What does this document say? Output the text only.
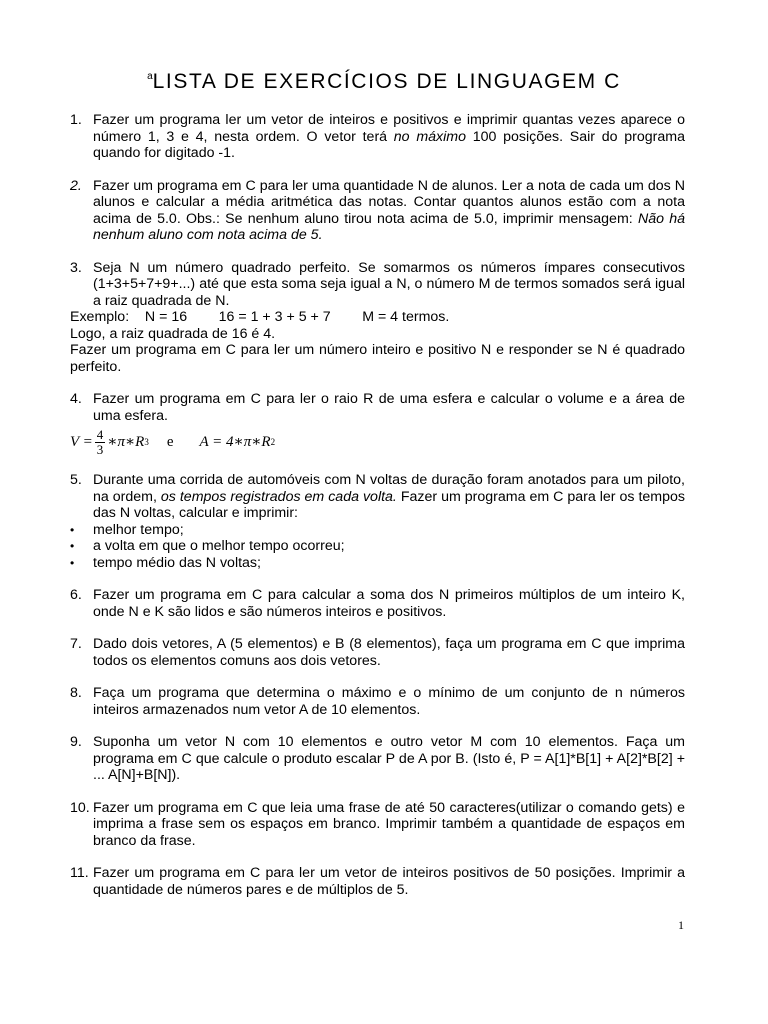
$^a$LISTA DE EXERCÍCIOS DE LINGUAGEM C
1. Fazer um programa ler um vetor de inteiros e positivos e imprimir quantas vezes aparece o número 1, 3 e 4, nesta ordem. O vetor terá no máximo 100 posições. Sair do programa quando for digitado -1.
2. Fazer um programa em C para ler uma quantidade N de alunos. Ler a nota de cada um dos N alunos e calcular a média aritmética das notas. Contar quantos alunos estão com a nota acima de 5.0. Obs.: Se nenhum aluno tirou nota acima de 5.0, imprimir mensagem: Não há nenhum aluno com nota acima de 5.
3. Seja N um número quadrado perfeito. Se somarmos os números ímpares consecutivos (1+3+5+7+9+...) até que esta soma seja igual a N, o número M de termos somados será igual a raiz quadrada de N.

Exemplo:    N = 16        16 = 1 + 3 + 5 + 7        M = 4 termos.

Logo, a raiz quadrada de 16 é 4.

Fazer um programa em C para ler um número inteiro e positivo N e responder se N é quadrado perfeito.

4. Fazer um programa em C para ler o raio R de uma esfera e calcular o volume e a área de uma esfera.
$V = \frac{4}{3}$ ∗π∗R 3 e A = 4∗π∗R 2
5. Durante uma corrida de automóveis com N voltas de duração foram anotados para um piloto, na ordem, os tempos registrados em cada volta. Fazer um programa em C para ler os tempos das N voltas, calcular e imprimir:
•	melhor tempo;
•	a volta em que o melhor tempo ocorreu;
•	tempo médio das N voltas;
6. Fazer um programa em C para calcular a soma dos N primeiros múltiplos de um inteiro K, onde N e K são lidos e são números inteiros e positivos.
7. Dado dois vetores, A (5 elementos) e B (8 elementos), faça um programa em C que imprima todos os elementos comuns aos dois vetores.
8. Faça um programa que determina o máximo e o mínimo de um conjunto de n números inteiros armazenados num vetor A de 10 elementos.
9. Suponha um vetor N com 10 elementos e outro vetor M com 10 elementos. Faça um programa em C que calcule o produto escalar P de A por B. (Isto é, P = A[1]*B[1] + A[2]*B[2] + ... A[N]+B[N]).
10. Fazer um programa em C que leia uma frase de até 50 caracteres(utilizar o comando gets) e imprima a frase sem os espaços em branco. Imprimir também a quantidade de espaços em branco da frase.
11. Fazer um programa em C para ler um vetor de inteiros positivos de 50 posições. Imprimir a quantidade de números pares e de múltiplos de 5.
1
